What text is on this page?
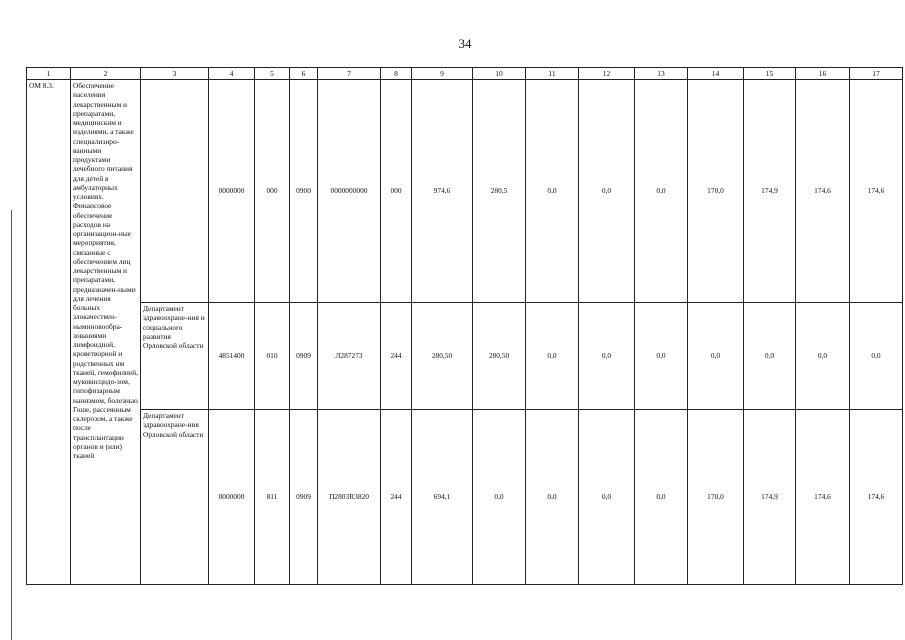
34
1	2	3	4	5	6	7	8	9	10	11	12	13	14	15	16	17
ОМ 8.3.	Обеспечение населения лекарственным и препаратами, медицинским и изделиями, а также специализиро-ванными продуктами лечебного питания для детей в амбулаторных условиях. Финансовое обеспечение расходов на организацион-ные мероприятия, связанные с обеспечением лиц лекарственным и препаратами, предназначен-ными для лечения больных злокачествен-ныминовообра-зованиями лимфоидной, кроветворной и родственных им тканей, гемофилией, муковисцидо-зом, гипофизарным нанизмом, болезнью Гоше, рассеянным склерозом, а также после трансплантации органов и (или) тканей		0000000	000	0900	0000000000	000	974,6	280,5	0,0	0,0	0,0	170,0	174,9	174,6	174,6
		Департамент здравоохране-ния и социального развития Орловской области	4851400	010	0909	Л287273	244	280,50	280,50	0,0	0,0	0,0	0,0	0,0	0,0	0,0
		Департамент здравоохране-ния Орловской области	0000000	811	0909	П2803R3820	244	694,1	0,0	0,0	0,0	0,0	170,0	174,9	174,6	174,6
